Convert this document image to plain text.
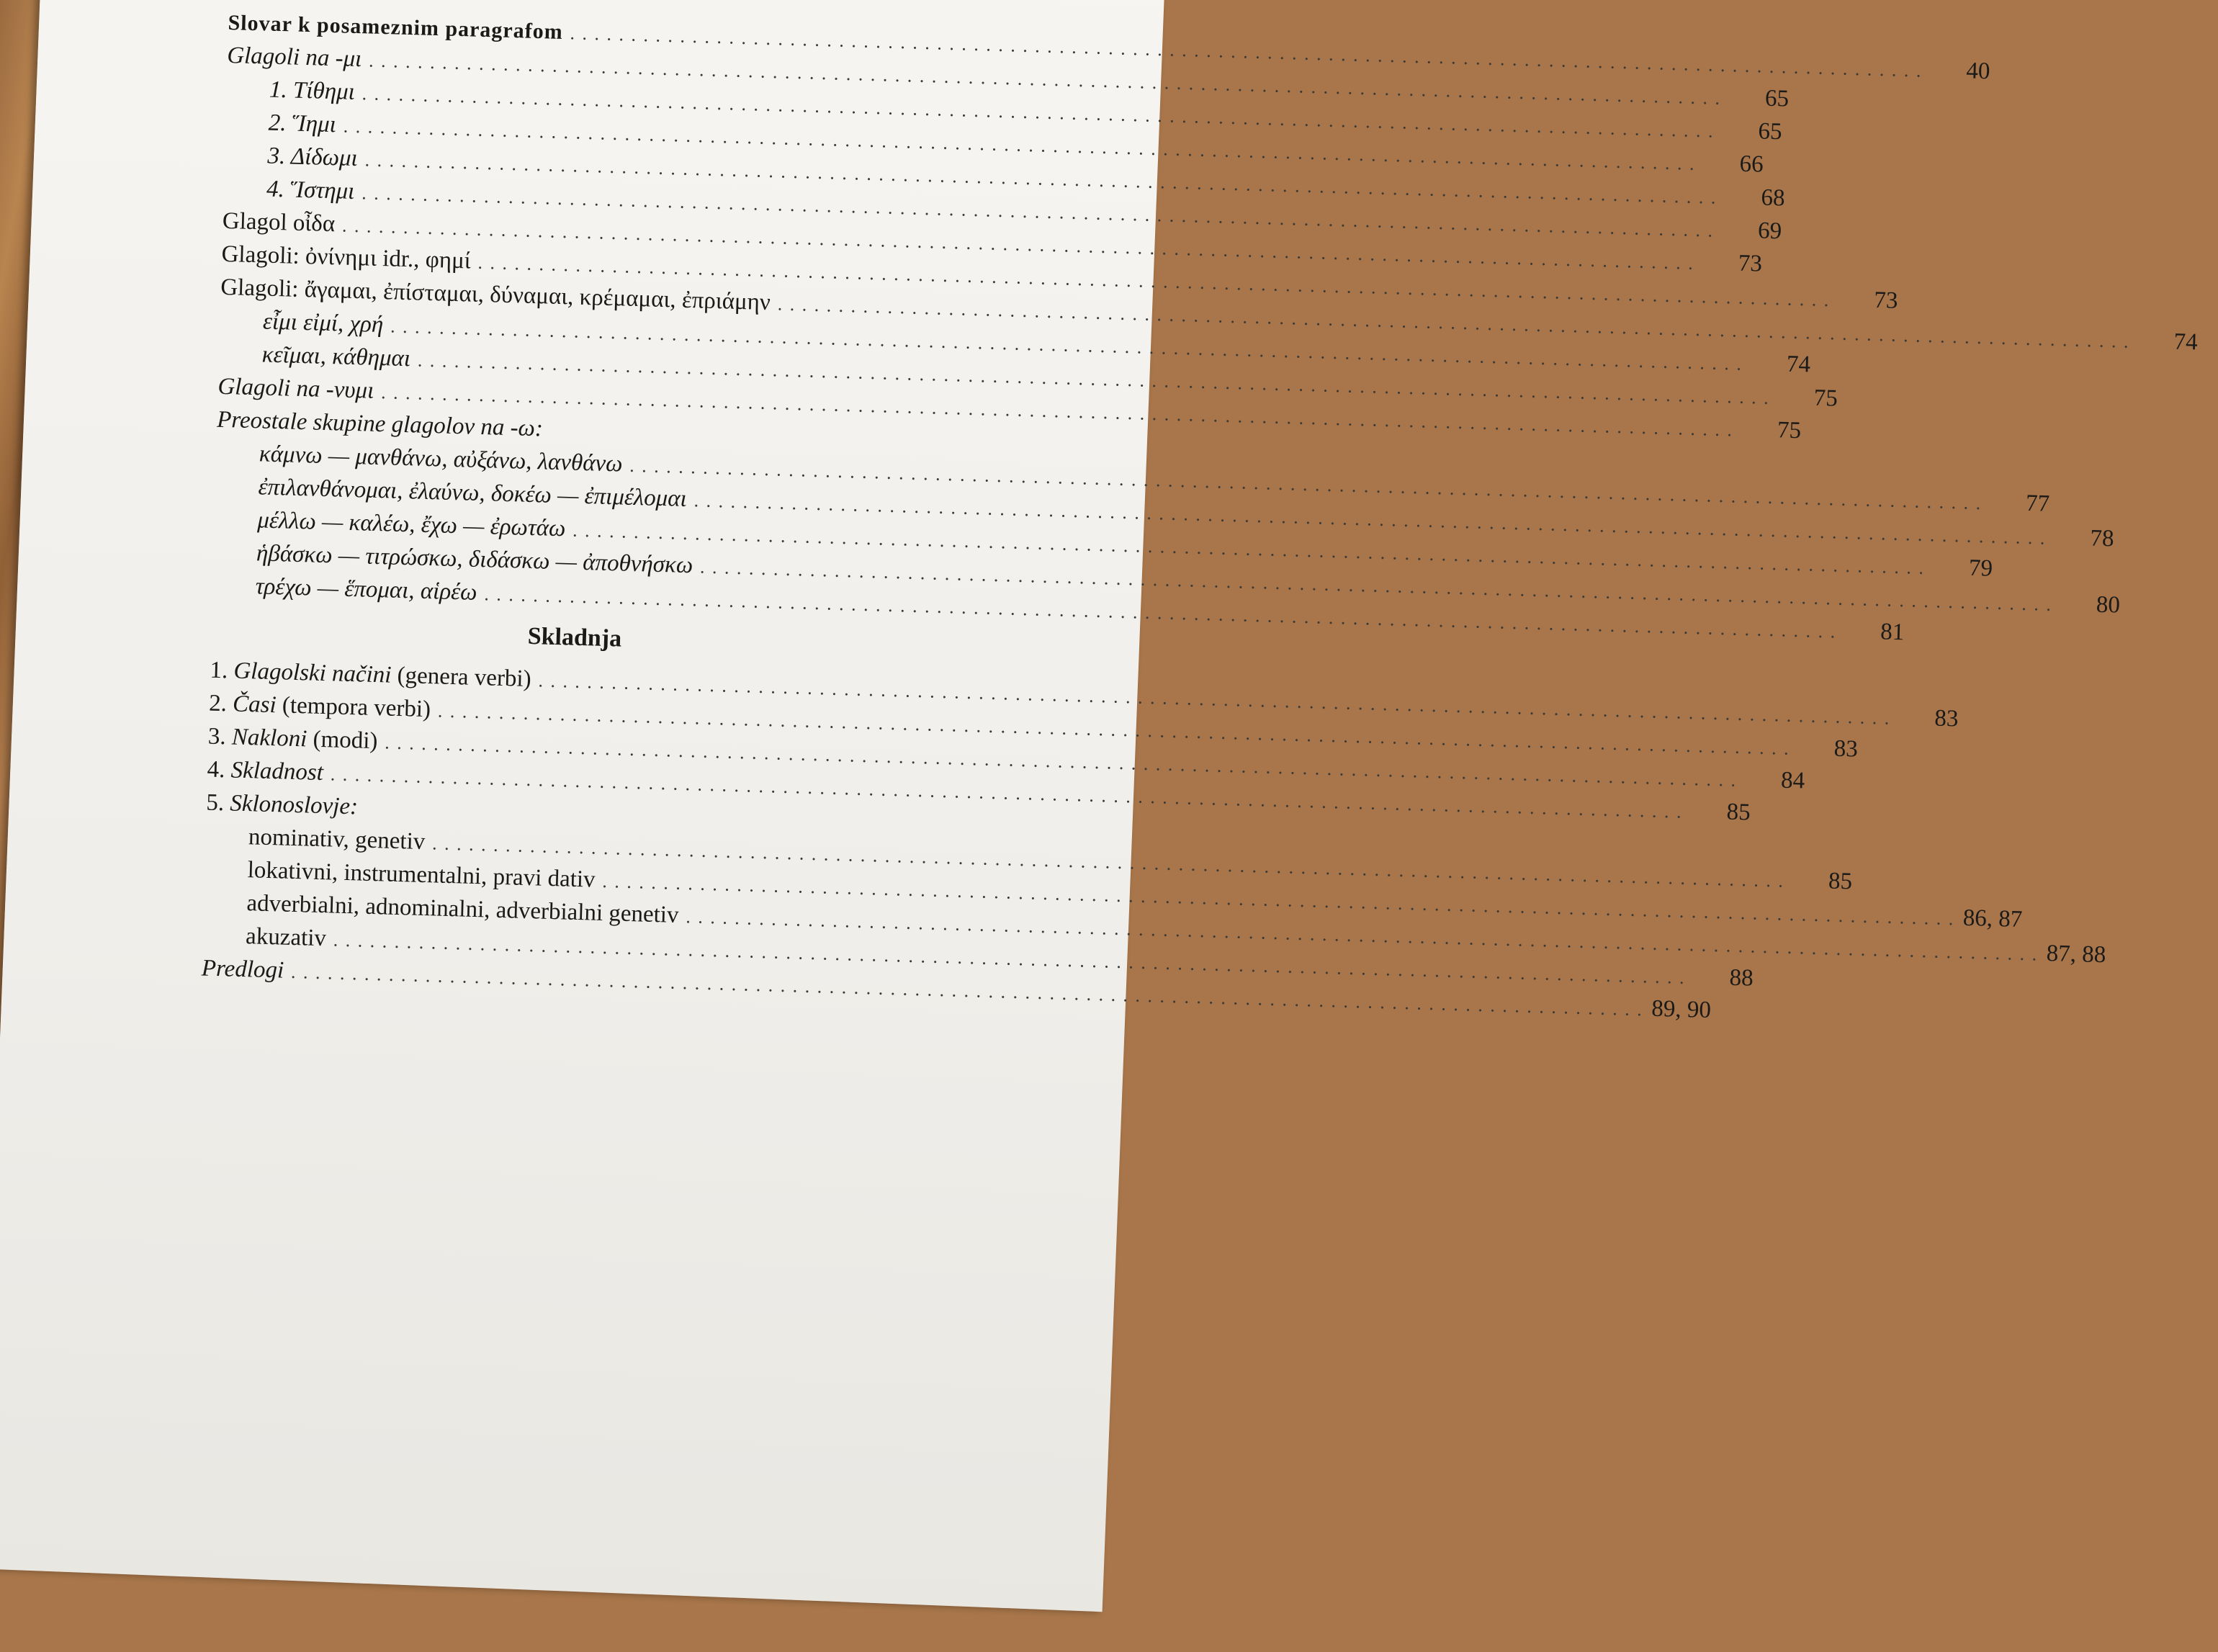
Slovar k posameznim paragrafom
. . .
40
Glagoli na -μι
. . .
65
1. Τίθημι
. . .
65
2. Ἵημι
. . .
66
3. Δίδωμι
. . .
68
4. Ἵστημι
. . .
69
Glagol οἶδα
. . .
73
Glagoli: ὀνίνημι idr., φημί
. . .
73
Glagoli: ἄγαμαι, ἐπίσταμαι, δύναμαι, κρέμαμαι, ἐπριάμην
. . .
74
εἶμι εἰμί, χρή
. . .
74
κεῖμαι, κάθημαι
. . .
75
Glagoli na -νυμι
. . .
75
Preostale skupine glagolov na -ω:
κάμνω — μανθάνω, αὐξάνω, λανθάνω
. . .
77
ἐπιλανθάνομαι, ἐλαύνω, δοκέω — ἐπιμέλομαι
. . .
78
μέλλω — καλέω, ἔχω — ἐρωτάω
. . .
79
ἡβάσκω — τιτρώσκω, διδάσκω — ἀποθνήσκω
. . .
80
τρέχω — ἕπομαι, αἱρέω
. . .
81
Skladnja
1. Glagolski načini (genera verbi)
. . .
83
2. Časi (tempora verbi)
. . .
83
3. Nakloni (modi)
. . .
84
4. Skladnost
. . .
85
5. Sklonoslovje:
nominativ, genetiv
. . .
85
lokativni, instrumentalni, pravi dativ
. . .
86, 87
adverbialni, adnominalni, adverbialni genetiv
. . .
87, 88
akuzativ
. . .
88
Predlogi
. . .
89, 90
